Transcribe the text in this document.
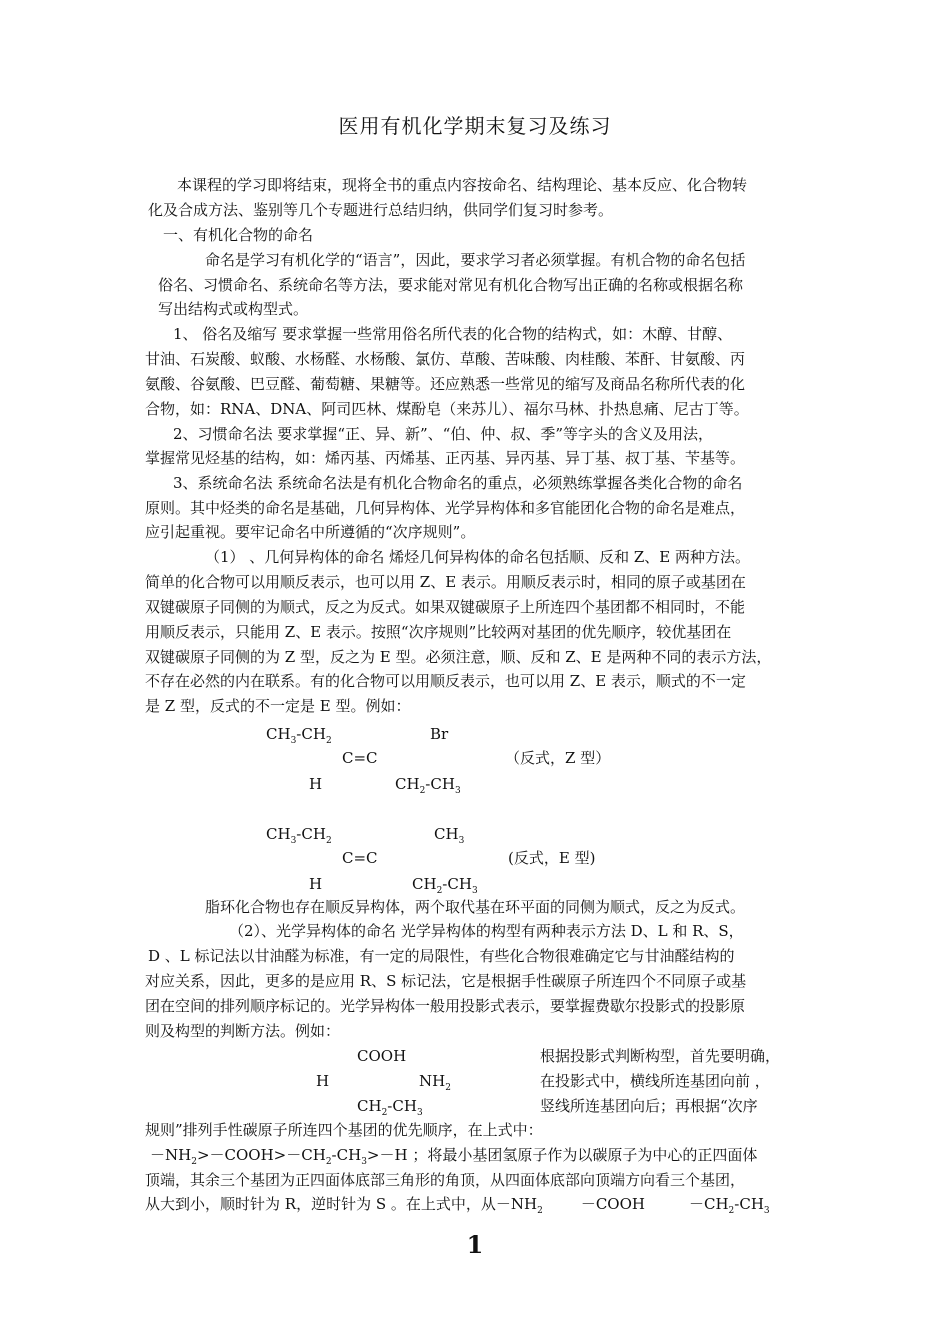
医用有机化学期末复习及练习
本课程的学习即将结束，现将全书的重点内容按命名、结构理论、基本反应、化合物转
化及合成方法、鉴别等几个专题进行总结归纳，供同学们复习时参考。
一、有机化合物的命名
命名是学习有机化学的“语言”，因此，要求学习者必须掌握。有机合物的命名包括
俗名、习惯命名、系统命名等方法，要求能对常见有机化合物写出正确的名称或根据名称
写出结构式或构型式。
1、 俗名及缩写 要求掌握一些常用俗名所代表的化合物的结构式，如：木醇、甘醇、
甘油、石炭酸、蚁酸、水杨醛、水杨酸、氯仿、草酸、苦味酸、肉桂酸、苯酐、甘氨酸、丙
氨酸、谷氨酸、巴豆醛、葡萄糖、果糖等。还应熟悉一些常见的缩写及商品名称所代表的化
合物，如：RNA、DNA、阿司匹林、煤酚皂（来苏儿）、福尔马林、扑热息痛、尼古丁等。
2、习惯命名法 要求掌握“正、异、新”、“伯、仲、叔、季”等字头的含义及用法，
掌握常见烃基的结构，如：烯丙基、丙烯基、正丙基、异丙基、异丁基、叔丁基、苄基等。
3、系统命名法 系统命名法是有机化合物命名的重点，必须熟练掌握各类化合物的命名
原则。其中烃类的命名是基础，几何异构体、光学异构体和多官能团化合物的命名是难点，
应引起重视。要牢记命名中所遵循的“次序规则”。
（1） 、几何异构体的命名 烯烃几何异构体的命名包括顺、反和 Z、E 两种方法。
简单的化合物可以用顺反表示，也可以用 Z、E 表示。用顺反表示时，相同的原子或基团在
双键碳原子同侧的为顺式，反之为反式。如果双键碳原子上所连四个基团都不相同时，不能
用顺反表示，只能用 Z、E 表示。按照“次序规则”比较两对基团的优先顺序，较优基团在
双键碳原子同侧的为 Z 型，反之为 E 型。必须注意，顺、反和 Z、E 是两种不同的表示方法，
不存在必然的内在联系。有的化合物可以用顺反表示，也可以用 Z、E 表示，顺式的不一定
是 Z 型，反式的不一定是 E 型。例如：
$CH_3-CH_2$	Br
C=C	（反式，Z 型）
H	$CH_2-CH_3$
$CH_3-CH_2$	$CH_3$
C=C	(反式，E 型)
H	$CH_2-CH_3$
脂环化合物也存在顺反异构体，两个取代基在环平面的同侧为顺式，反之为反式。
（2）、光学异构体的命名 光学异构体的构型有两种表示方法 D、L 和 R、S，
D 、L 标记法以甘油醛为标准，有一定的局限性，有些化合物很难确定它与甘油醛结构的
对应关系，因此，更多的是应用 R、S 标记法，它是根据手性碳原子所连四个不同原子或基
团在空间的排列顺序标记的。光学异构体一般用投影式表示，要掌握费歇尔投影式的投影原
则及构型的判断方法。例如：
COOH
H	$NH_2$
$CH_2-CH_3$
根据投影式判断构型，首先要明确，
在投影式中，横线所连基团向前 ，
竖线所连基团向后；再根据“次序
规则”排列手性碳原子所连四个基团的优先顺序，在上式中：
$-NH_2>-COOH>-CH_2-CH_3>-H$ ；将最小基团氢原子作为以碳原子为中心的正四面体
顶端，其余三个基团为正四面体底部三角形的角顶，从四面体底部向顶端方向看三个基团，
从大到小，顺时针为 R，逆时针为 S 。在上式中，从$-NH_2$	－COOH	$-CH_2-CH_3$
1
